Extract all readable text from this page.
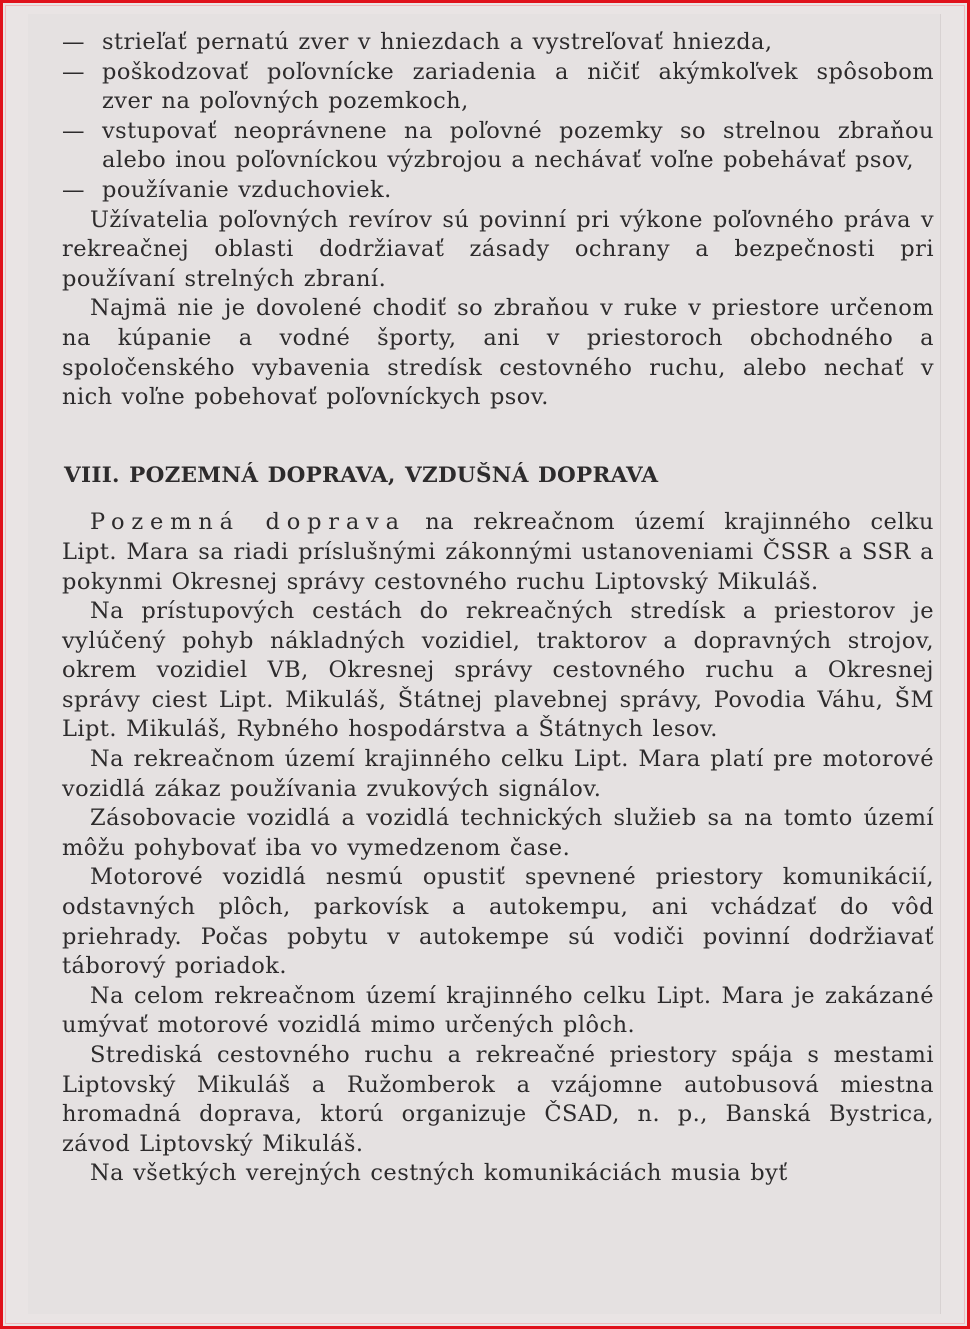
— strieľať pernatú zver v hniezdach a vystreľovať hniezda,
— poškodzovať poľovnícke zariadenia a ničiť akýmkoľvek spôsobom zver na poľovných pozemkoch,
— vstupovať neoprávnene na poľovné pozemky so strelnou zbraňou alebo inou poľovníckou výzbrojou a nechávať voľne pobehávať psov,
— používanie vzduchoviek.

Užívatelia poľovných revírov sú povinní pri výkone poľovného práva v rekreačnej oblasti dodržiavať zásady ochrany a bezpečnosti pri používaní strelných zbraní.

Najmä nie je dovolené chodiť so zbraňou v ruke v priestore určenom na kúpanie a vodné športy, ani v priestoroch obchodného a spoločenského vybavenia stredísk cestovného ruchu, alebo nechať v nich voľne pobehovať poľovníckych psov.

VIII. POZEMNÁ DOPRAVA, VZDUŠNÁ DOPRAVA

Pozemná doprava na rekreačnom území krajinného celku Lipt. Mara sa riadi príslušnými zákonnými ustanoveniami ČSSR a SSR a pokynmi Okresnej správy cestovného ruchu Liptovský Mikuláš.

Na prístupových cestách do rekreačných stredísk a priestorov je vylúčený pohyb nákladných vozidiel, traktorov a dopravných strojov, okrem vozidiel VB, Okresnej správy cestovného ruchu a Okresnej správy ciest Lipt. Mikuláš, Štátnej plavebnej správy, Povodia Váhu, ŠM Lipt. Mikuláš, Rybného hospodárstva a Štátnych lesov.

Na rekreačnom území krajinného celku Lipt. Mara platí pre motorové vozidlá zákaz používania zvukových signálov.

Zásobovacie vozidlá a vozidlá technických služieb sa na tomto území môžu pohybovať iba vo vymedzenom čase.

Motorové vozidlá nesmú opustiť spevnené priestory komunikácií, odstavných plôch, parkovísk a autokempu, ani vchádzať do vôd priehrady. Počas pobytu v autokempe sú vodiči povinní dodržiavať táborový poriadok.

Na celom rekreačnom území krajinného celku Lipt. Mara je zakázané umývať motorové vozidlá mimo určených plôch.

Strediská cestovného ruchu a rekreačné priestory spája s mestami Liptovský Mikuláš a Ružomberok a vzájomne autobusová miestna hromadná doprava, ktorú organizuje ČSAD, n. p., Banská Bystrica, závod Liptovský Mikuláš.

Na všetkých verejných cestných komunikáciách musia byť
